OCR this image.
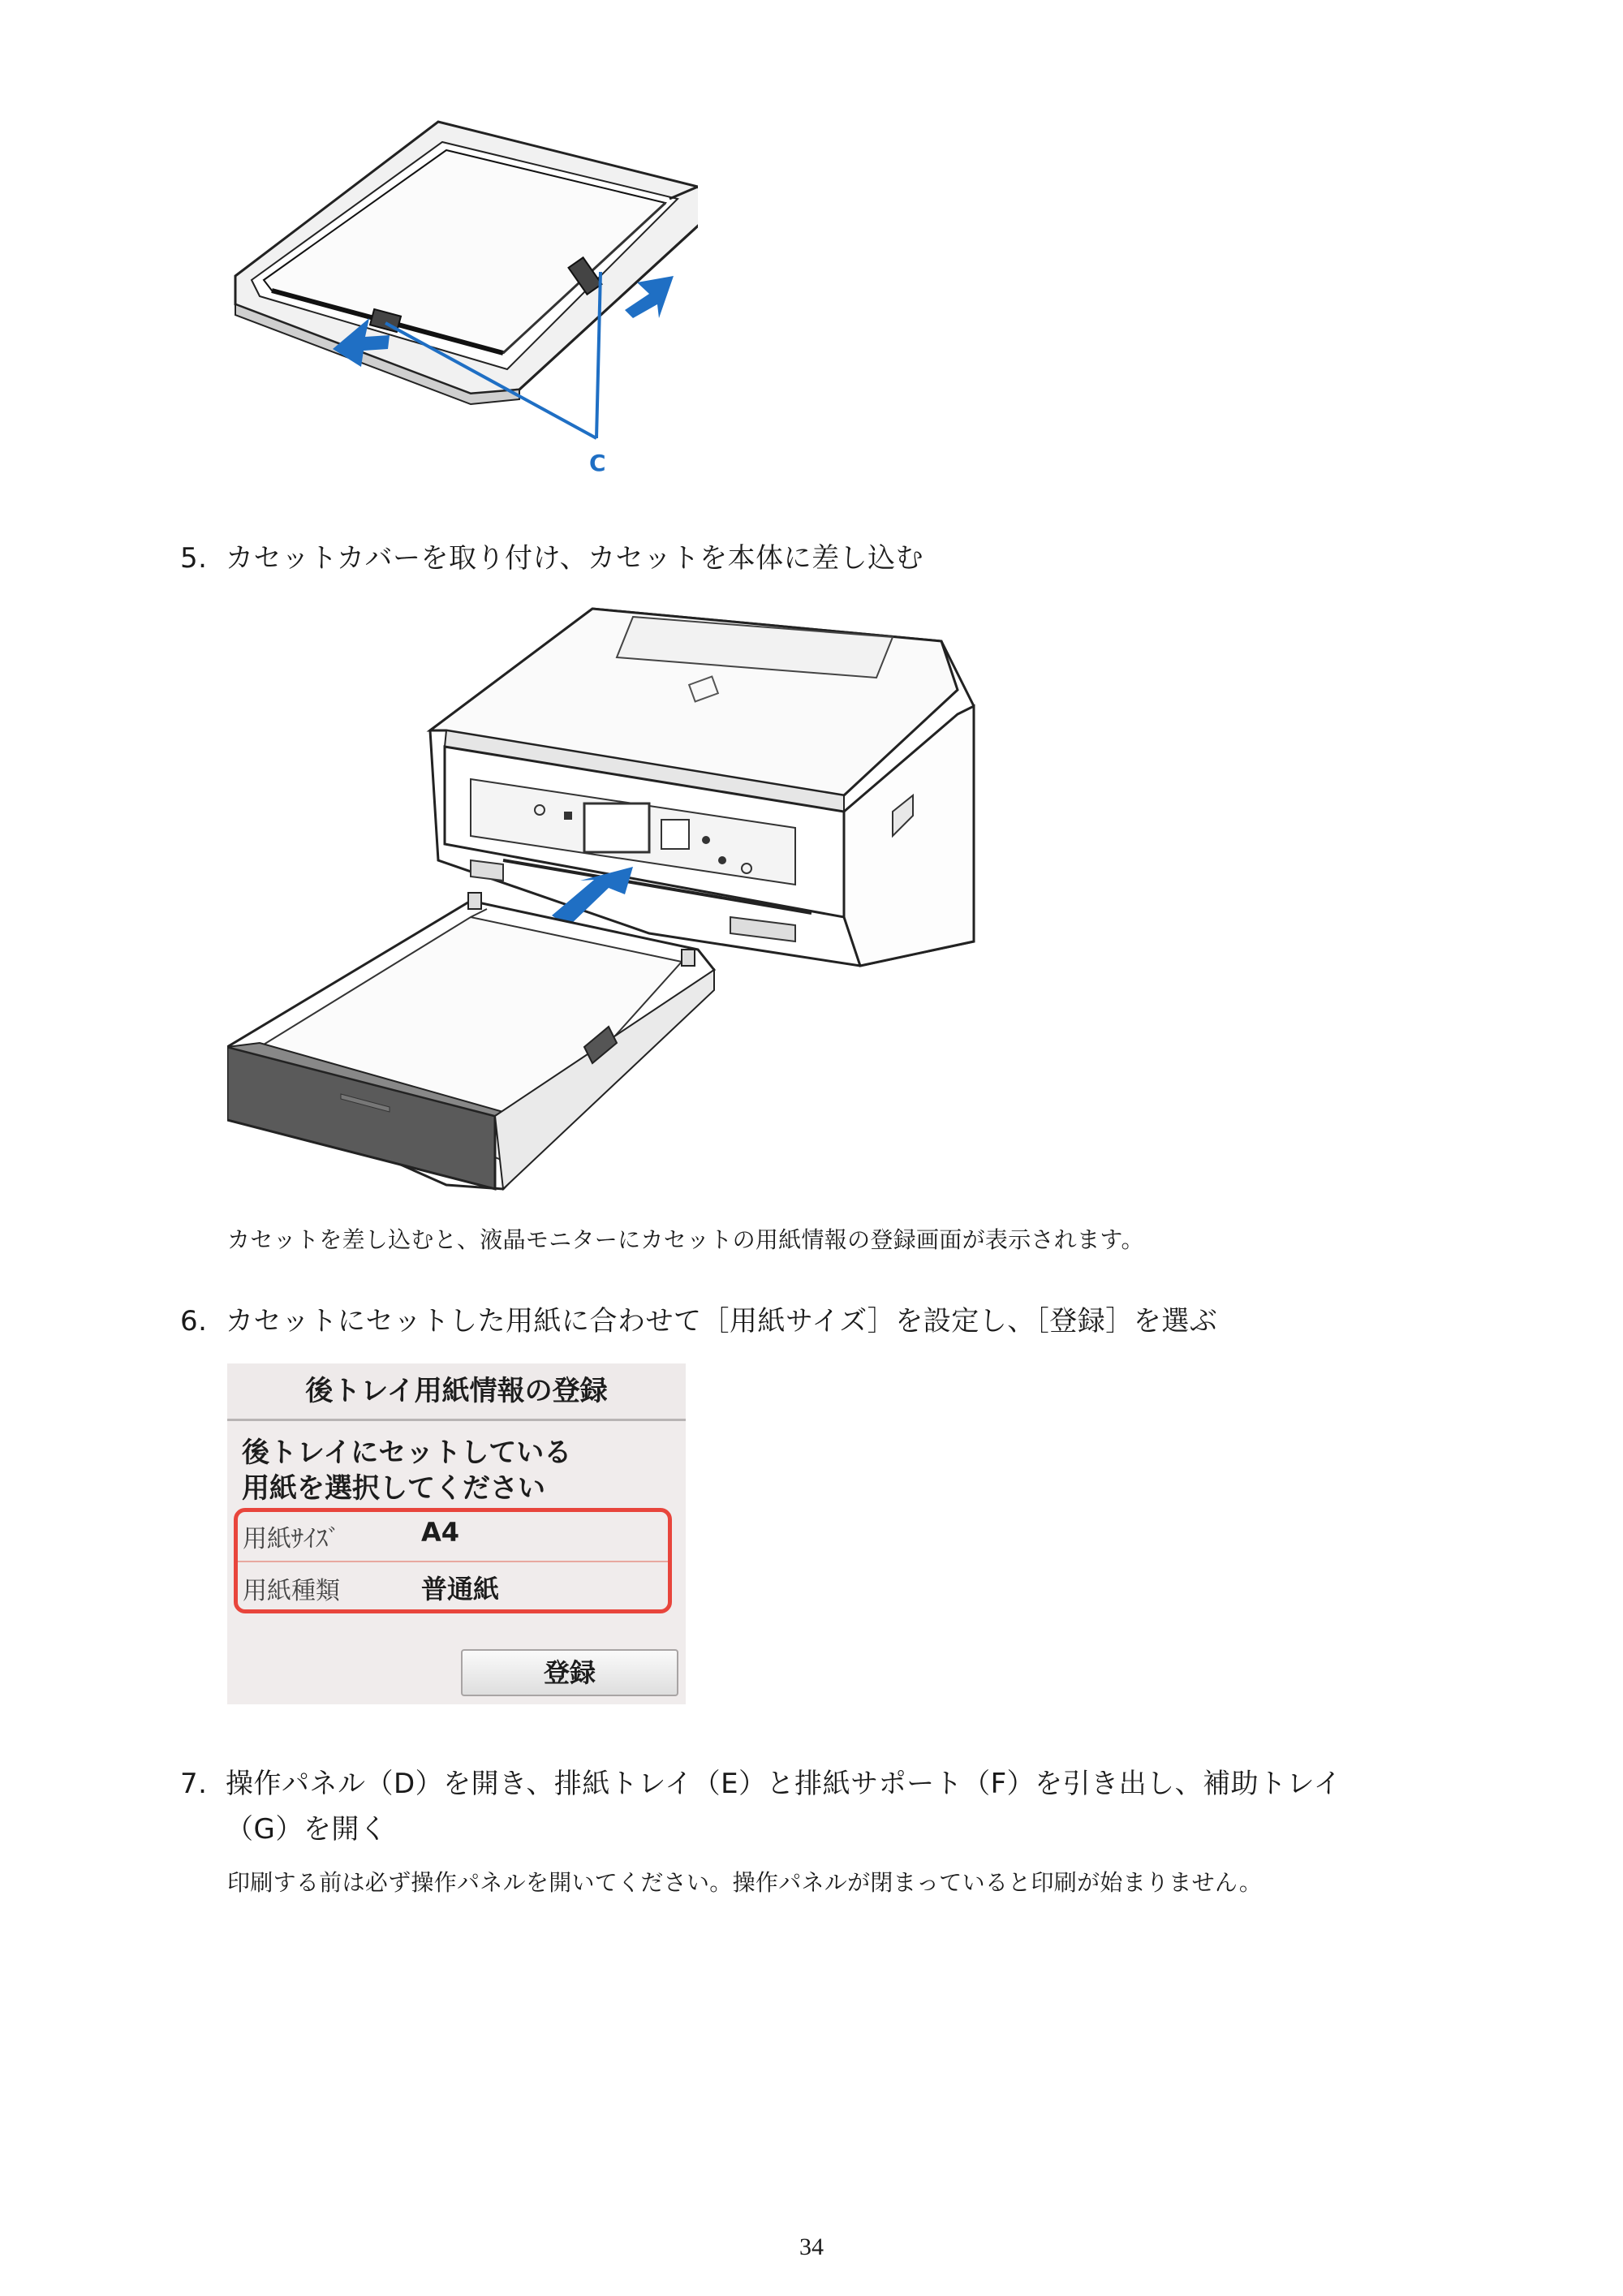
C
5. カセットカバーを取り付け、カセットを本体に差し込む
カセットを差し込むと、液晶モニターにカセットの用紙情報の登録画面が表示されます。
6. カセットにセットした用紙に合わせて［用紙サイズ］を設定し、［登録］を選ぶ
後トレイ用紙情報の登録
後トレイにセットしている
用紙を選択してください
用紙ｻｲｽﾞ	A4
用紙種類	普通紙
登録
7. 操作パネル（D）を開き、排紙トレイ（E）と排紙サポート（F）を引き出し、補助トレイ
（G）を開く
印刷する前は必ず操作パネルを開いてください。操作パネルが閉まっていると印刷が始まりません。
34
